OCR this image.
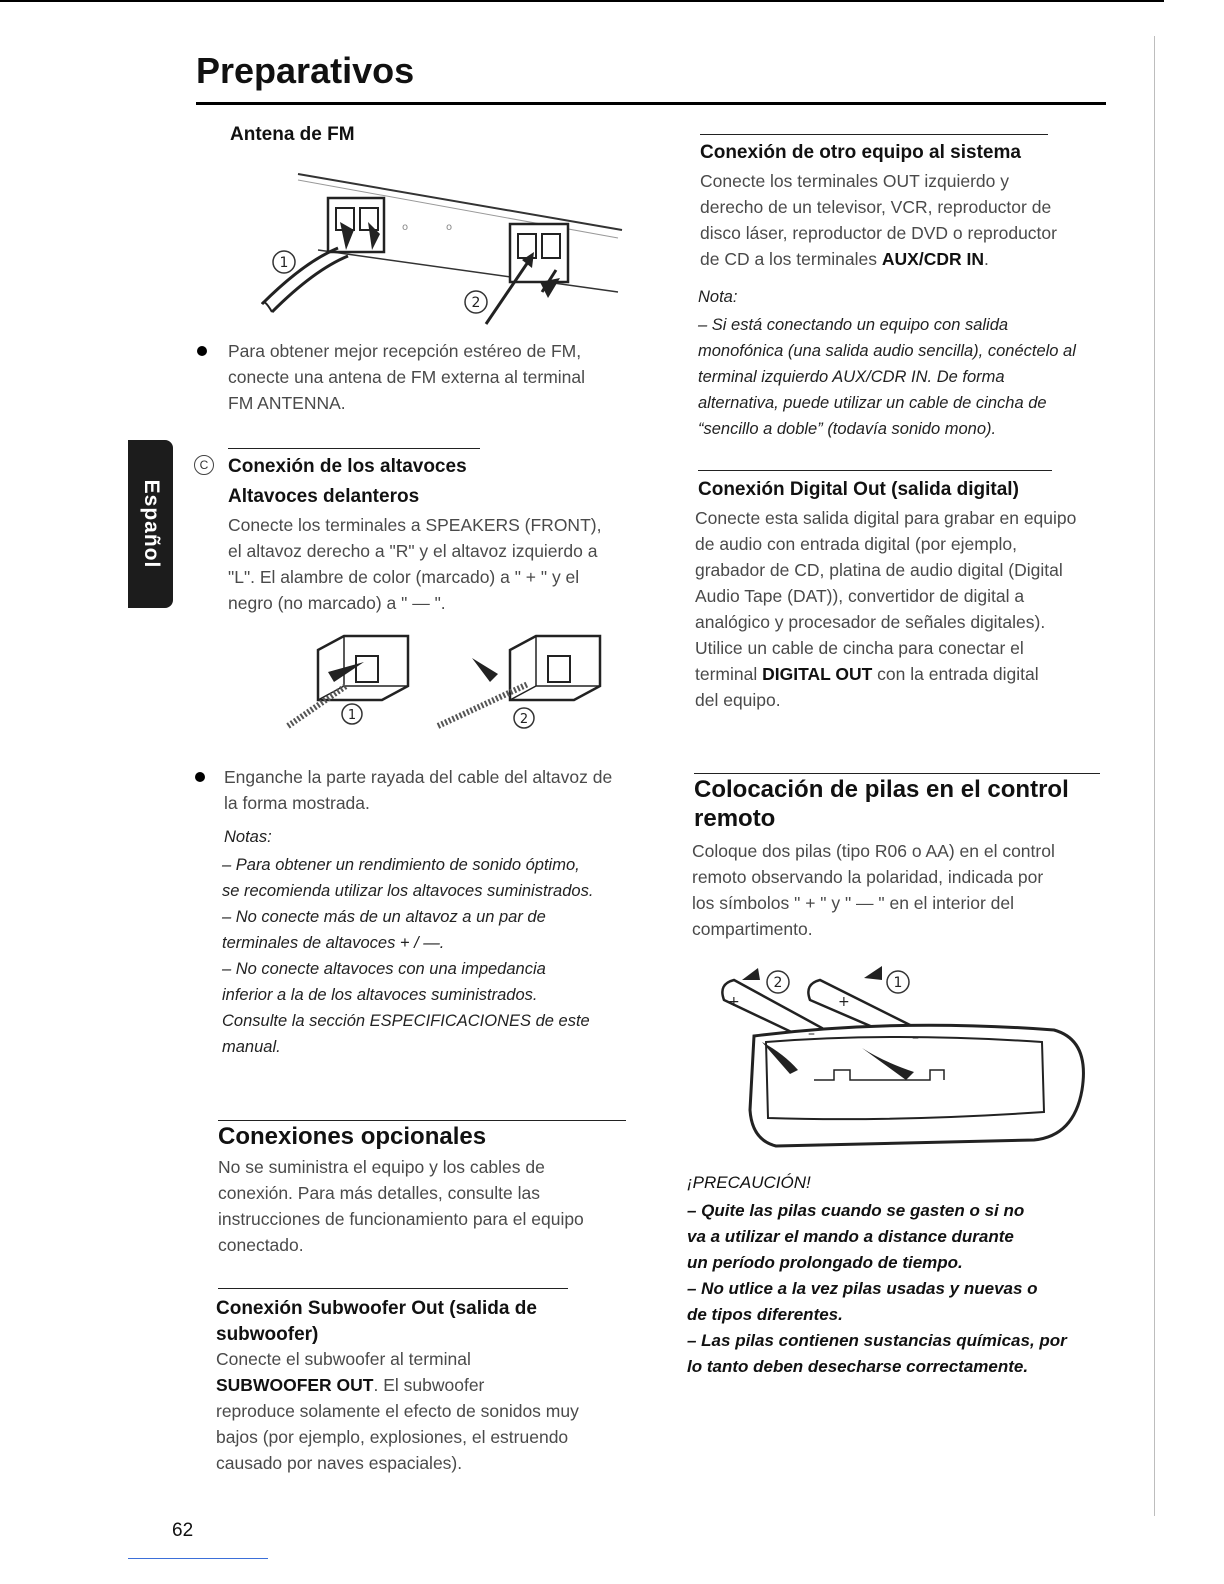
Preparativos
Español
Antena de FM
o	o
1
2
Para obtener mejor recepción estéreo de FM,
conecte una antena de FM externa al terminal
FM ANTENNA.
C Conexión de los altavoces
Altavoces delanteros
Conecte los terminales a SPEAKERS (FRONT),
el altavoz derecho a "R" y el altavoz izquierdo a
"L". El alambre de color (marcado) a " + " y el
negro (no marcado) a " — ".
1	2
Enganche la parte rayada del cable del altavoz de
la forma mostrada.
Notas:
– Para obtener un rendimiento de sonido óptimo,
se recomienda utilizar los altavoces suministrados.
– No conecte más de un altavoz a un par de
terminales de altavoces + / —.
– No conecte altavoces con una impedancia
inferior a la de los altavoces suministrados.
Consulte la sección ESPECIFICACIONES de este
manual.
Conexiones opcionales
No se suministra el equipo y los cables de
conexión. Para más detalles, consulte las
instrucciones de funcionamiento para el equipo
conectado.
Conexión Subwoofer Out (salida de
subwoofer)
Conecte el subwoofer al terminal
SUBWOOFER OUT. El subwoofer
reproduce solamente el efecto de sonidos muy
bajos (por ejemplo, explosiones, el estruendo
causado por naves espaciales).
Conexión de otro equipo al sistema
Conecte los terminales OUT izquierdo y
derecho de un televisor, VCR, reproductor de
disco láser, reproductor de DVD o reproductor
de CD a los terminales AUX/CDR IN.
Nota:
– Si está conectando un equipo con salida
monofónica (una salida audio sencilla), conéctelo al
terminal izquierdo AUX/CDR IN. De forma
alternativa, puede utilizar un cable de cincha de
“sencillo a doble” (todavía sonido mono).
Conexión Digital Out (salida digital)
Conecte esta salida digital para grabar en equipo
de audio con entrada digital (por ejemplo,
grabador de CD, platina de audio digital (Digital
Audio Tape (DAT)), convertidor de digital a
analógico y procesador de señales digitales).
Utilice un cable de cincha para conectar el
terminal DIGITAL OUT con la entrada digital
del equipo.
Colocación de pilas en el control
remoto
Coloque dos pilas (tipo R06 o AA) en el control
remoto observando la polaridad, indicada por
los símbolos " + " y " — " en el interior del
compartimento.
+	+
–	–
2	1
¡PRECAUCIÓN!
– Quite las pilas cuando se gasten o si no
va a utilizar el mando a distance durante
un período prolongado de tiempo.
– No utlice a la vez pilas usadas y nuevas o
de tipos diferentes.
– Las pilas contienen sustancias químicas, por
lo tanto deben desecharse correctamente.
62
